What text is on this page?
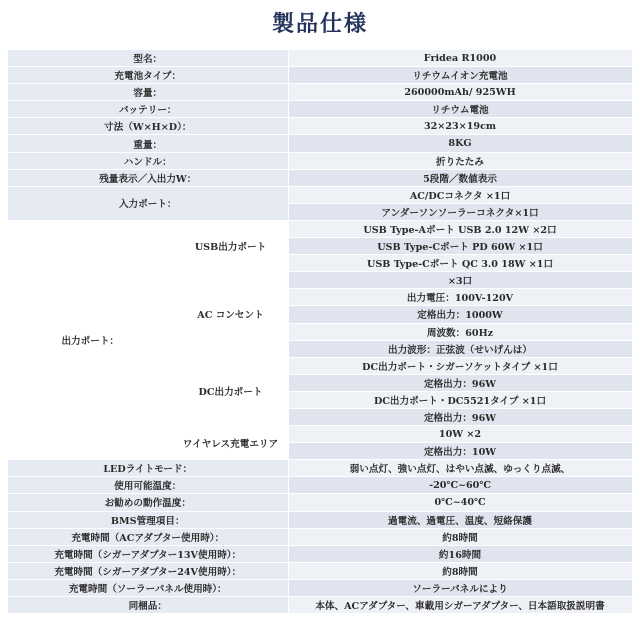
製品仕様
型名：		Fridea R1000
充電池タイプ：		リチウムイオン充電池
容量：		260000mAh/ 925WH
バッテリー：		リチウム電池
寸法（W×H×D）：		32×23×19cm
重量：		8KG
ハンドル：		折りたたみ
残量表示／入出力W：		5段階／数値表示
入力ポート：		AC/DCコネクタ ×1口
		アンダーソンソーラーコネクタ×1口
出力ポート：	USB出力ポート	USB Type-Aポート USB 2.0 12W ×2口
		USB Type-Cポート PD 60W ×1口
		USB Type-Cポート QC 3.0 18W ×1口
	AC コンセント	×3口
		出力電圧：100V-120V
		定格出力：1000W
		周波数：60Hz
		出力波形：正弦波（せいげんは）
	DC出力ポート	DC出力ポート・シガーソケットタイプ ×1口
		定格出力：96W
		DC出力ポート・DC5521タイプ ×1口
		定格出力：96W
	ワイヤレス充電エリア	10W ×2
		定格出力：10W
LEDライトモード：		弱い点灯、強い点灯、はやい点滅、ゆっくり点滅、
使用可能温度：		-20℃~60℃
お勧めの動作温度：		0℃~40℃
BMS管理項目：		過電流、過電圧、温度、短絡保護
充電時間（ACアダプター使用時）：		約8時間
充電時間（シガーアダプター13V使用時）：		約16時間
充電時間（シガーアダプター24V使用時）：		約8時間
充電時間（ソーラーパネル使用時）：		ソーラーパネルにより
同梱品：		本体、ACアダプター、車載用シガーアダプター、日本語取扱説明書
